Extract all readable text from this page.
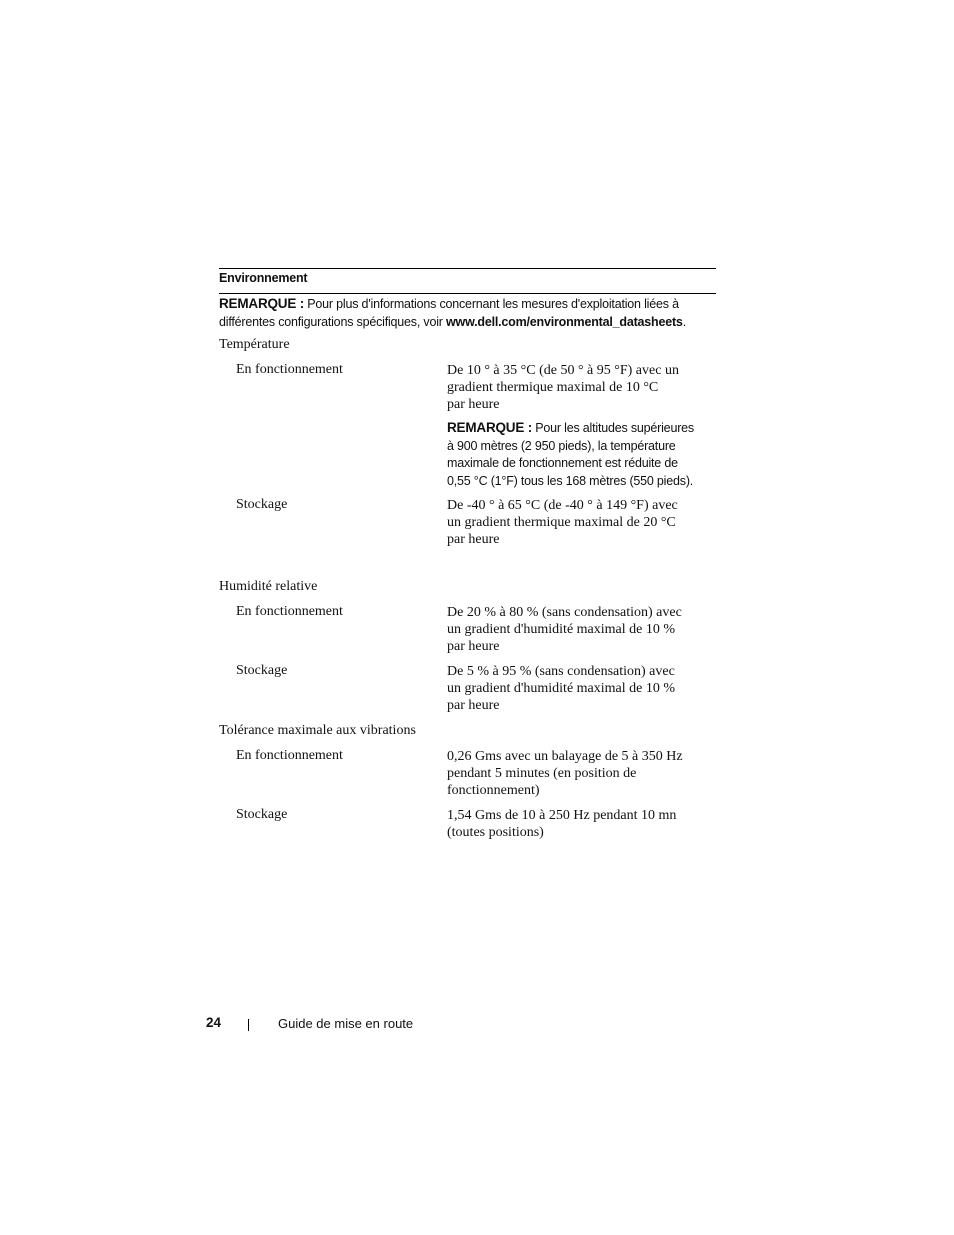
Environnement
REMARQUE : Pour plus d'informations concernant les mesures d'exploitation liées à différentes configurations spécifiques, voir www.dell.com/environmental_datasheets.
Température
En fonctionnement	De 10 ° à 35 °C (de 50 ° à 95 °F) avec un

gradient thermique maximal de 10 °C

par heure

REMARQUE : Pour les altitudes supérieures
à 900 mètres (2 950 pieds), la température
maximale de fonctionnement est réduite de
0,55 °C (1°F) tous les 168 mètres (550 pieds).
Stockage	De -40 ° à 65 °C (de -40 ° à 149 °F) avec

un gradient thermique maximal de 20 °C

par heure

Humidité relative
En fonctionnement	De 20 % à 80 % (sans condensation) avec

un gradient d'humidité maximal de 10 %

par heure

Stockage	De 5 % à 95 % (sans condensation) avec

un gradient d'humidité maximal de 10 %

par heure

Tolérance maximale aux vibrations
En fonctionnement	0,26 Gms avec un balayage de 5 à 350 Hz

pendant 5 minutes (en position de

fonctionnement)

Stockage	1,54 Gms de 10 à 250 Hz pendant 10 mn

(toutes positions)

24	Guide de mise en route
